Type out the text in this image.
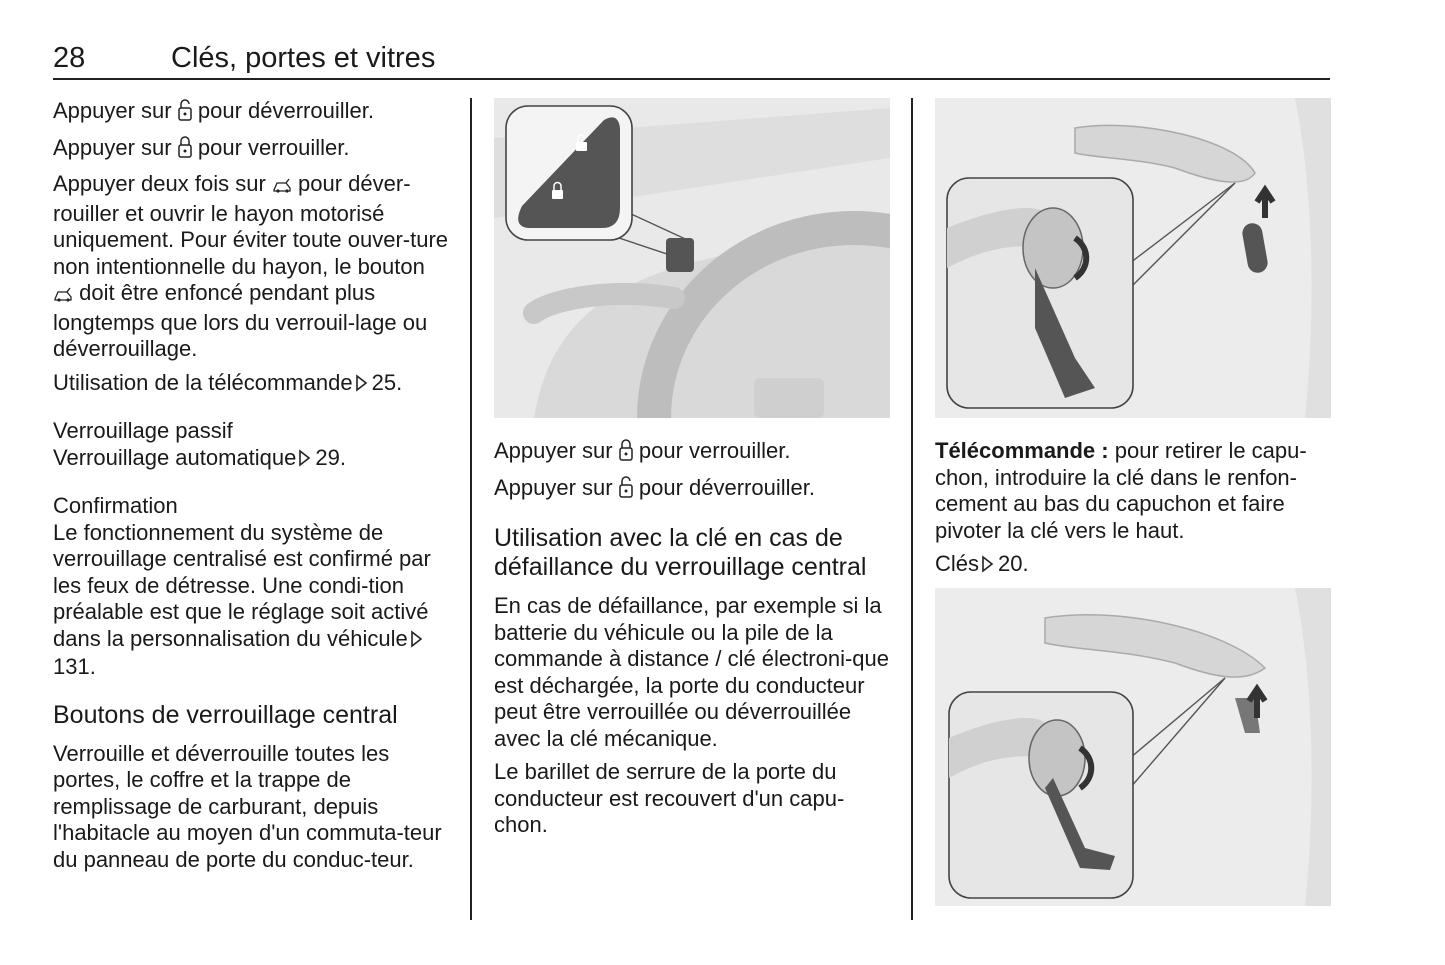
28	Clés, portes et vitres

Appuyer sur pour déverrouiller.

Appuyer sur pour verrouiller.

Appuyer deux fois sur pour déver-rouiller et ouvrir le hayon motorisé uniquement. Pour éviter toute ouver-ture non intentionnelle du hayon, le bouton  doit être enfoncé pendant plus longtemps que lors du verrouil-lage ou déverrouillage.

Utilisation de la télécommande 25.

Verrouillage passif

Verrouillage automatique 29.

Confirmation

Le fonctionnement du système de verrouillage centralisé est confirmé par les feux de détresse. Une condi-tion préalable est que le réglage soit activé dans la personnalisation du véhicule131.

Boutons de verrouillage central

Verrouille et déverrouille toutes les portes, le coffre et la trappe de remplissage de carburant, depuis l'habitacle au moyen d'un commuta-teur du panneau de porte du conduc-teur.

Appuyer sur pour verrouiller.

Appuyer sur pour déverrouiller.

Utilisation avec la clé en cas de défaillance du verrouillage central

En cas de défaillance, par exemple si la batterie du véhicule ou la pile de la commande à distance / clé électroni-que est déchargée, la porte du conducteur peut être verrouillée ou déverrouillée avec la clé mécanique.

Le barillet de serrure de la porte du conducteur est recouvert d'un capu-chon.

Télécommande : pour retirer le capu-chon, introduire la clé dans le renfon-cement au bas du capuchon et faire pivoter la clé vers le haut.

Clés 20.
